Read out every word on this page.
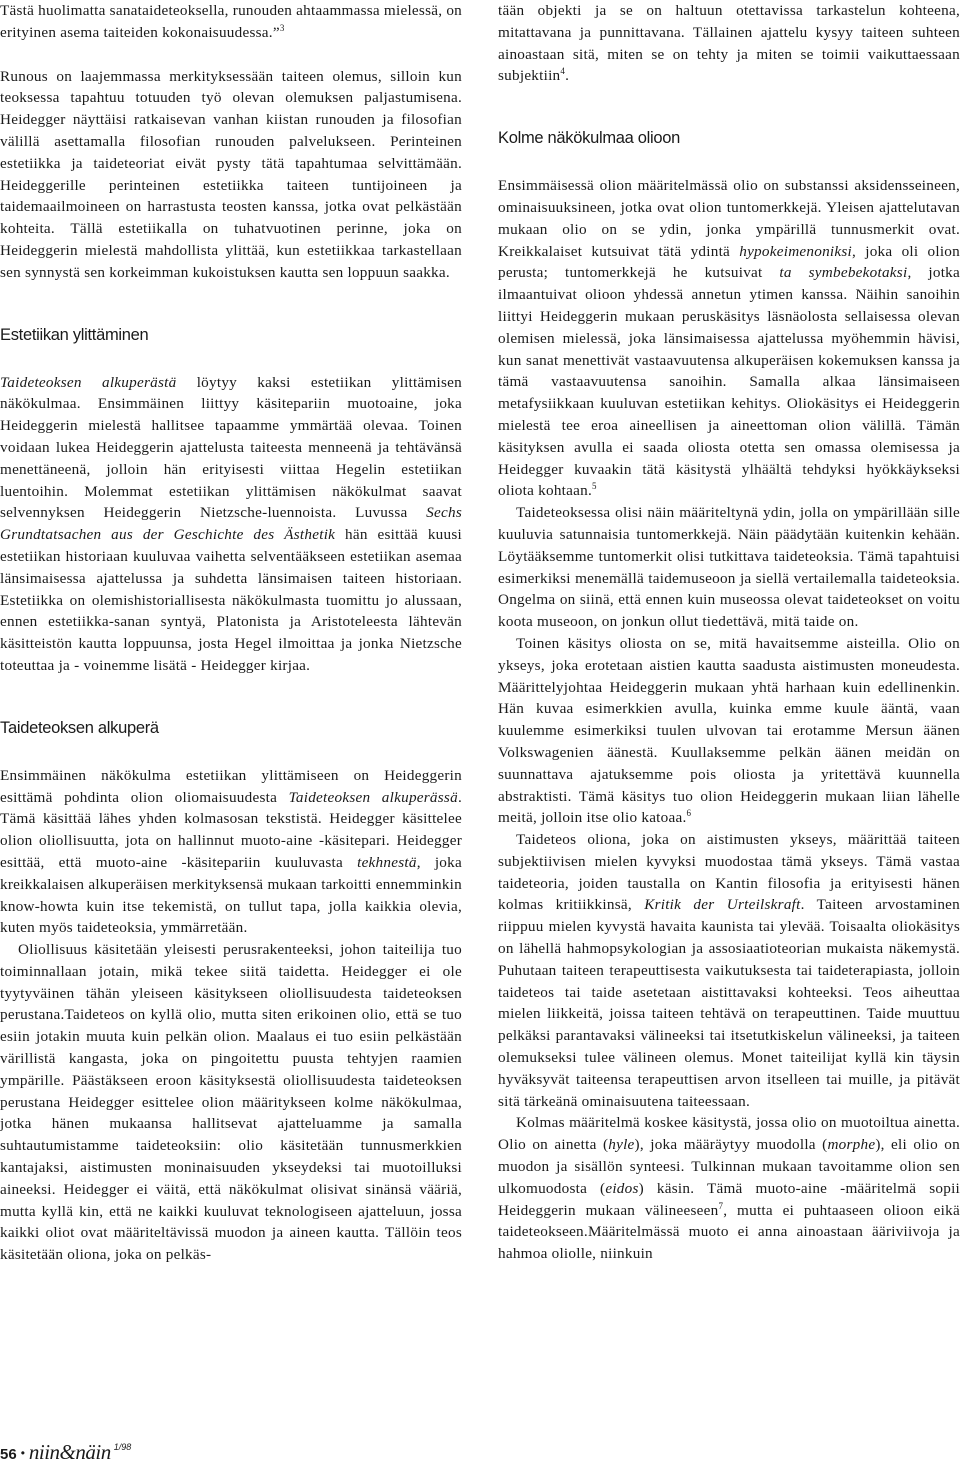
Tästä huolimatta sanataideteoksella, runouden ahtaammassa mielessä, on erityinen asema taiteiden kokonaisuudessa.”$^3$

Runous on laajemmassa merkityksessään taiteen olemus, silloin kun teoksessa tapahtuu totuuden työ olevan olemuksen paljastumisena. Heidegger näyttäisi ratkaisevan vanhan kiistan runouden ja filosofian välillä asettamalla filosofian runouden palvelukseen. Perinteinen estetiikka ja taideteoriat eivät pysty tätä tapahtumaa selvittämään. Heideggerille perinteinen estetiikka taiteen tuntijoineen ja taidemaailmoineen on harrastusta teosten kanssa, jotka ovat pelkästään kohteita. Tällä estetiikalla on tuhatvuotinen perinne, joka on Heideggerin mielestä mahdollista ylittää, kun estetiikkaa tarkastellaan sen synnystä sen korkeimman kukoistuksen kautta sen loppuun saakka.

Estetiikan ylittäminen

Taideteoksen alkuperästä löytyy kaksi estetiikan ylittämisen näkökulmaa. Ensimmäinen liittyy käsitepariin muotoaine, joka Heideggerin mielestä hallitsee tapaamme ymmärtää olevaa. Toinen voidaan lukea Heideggerin ajattelusta taiteesta menneenä ja tehtävänsä menettäneenä, jolloin hän erityisesti viittaa Hegelin estetiikan luentoihin. Molemmat estetiikan ylittämisen näkökulmat saavat selvennyksen Heideggerin Nietzsche-luennoista. Luvussa Sechs Grundtatsachen aus der Geschichte des Ästhetik hän esittää kuusi estetiikan historiaan kuuluvaa vaihetta selventääkseen estetiikan asemaa länsimaisessa ajattelussa ja suhdetta länsimaisen taiteen historiaan. Estetiikka on olemishistoriallisesta näkökulmasta tuomittu jo alussaan, ennen estetiikka-sanan syntyä, Platonista ja Aristoteleesta lähtevän käsitteistön kautta loppuunsa, josta Hegel ilmoittaa ja jonka Nietzsche toteuttaa ja - voinemme lisätä - Heidegger kirjaa.

Taideteoksen alkuperä

Ensimmäinen näkökulma estetiikan ylittämiseen on Heideggerin esittämä pohdinta olion oliomaisuudesta Taideteoksen alkuperässä. Tämä käsittää lähes yhden kolmasosan tekstistä. Heidegger käsittelee olion oliollisuutta, jota on hallinnut muoto-aine -käsitepari. Heidegger esittää, että muoto-aine -käsitepariin kuuluvasta tekhnestä, joka kreikkalaisen alkuperäisen merkityksensä mukaan tarkoitti ennemminkin know-howta kuin itse tekemistä, on tullut tapa, jolla kaikkia olevia, kuten myös taideteoksia, ymmärretään.

Oliollisuus käsitetään yleisesti perusrakenteeksi, johon taiteilija tuo toiminnallaan jotain, mikä tekee siitä taidetta. Heidegger ei ole tyytyväinen tähän yleiseen käsitykseen oliollisuudesta taideteoksen perustana.Taideteos on kyllä olio, mutta siten erikoinen olio, että se tuo esiin jotakin muuta kuin pelkän olion. Maalaus ei tuo esiin pelkästään värillistä kangasta, joka on pingoitettu puusta tehtyjen raamien ympärille. Päästäkseen eroon käsityksestä oliollisuudesta taideteoksen perustana Heidegger esittelee olion määritykseen kolme näkökulmaa, jotka hänen mukaansa hallitsevat ajatteluamme ja samalla suhtautumistamme taideteoksiin: olio käsitetään tunnusmerkkien kantajaksi, aistimusten moninaisuuden ykseydeksi tai muotoilluksi aineeksi. Heidegger ei väitä, että näkökulmat olisivat sinänsä vääriä, mutta kyllä kin, että ne kaikki kuuluvat teknologiseen ajatteluun, jossa kaikki oliot ovat määriteltävissä muodon ja aineen kautta. Tällöin teos käsitetään oliona, joka on pelkäs-

tään objekti ja se on haltuun otettavissa tarkastelun kohteena, mitattavana ja punnittavana. Tällainen ajattelu kysyy taiteen suhteen ainoastaan sitä, miten se on tehty ja miten se toimii vaikuttaessaan subjektiin$^4$.

Kolme näkökulmaa olioon

Ensimmäisessä olion määritelmässä olio on substanssi aksidensseineen, ominaisuuksineen, jotka ovat olion tuntomerkkejä. Yleisen ajattelutavan mukaan olio on se ydin, jonka ympärillä tunnusmerkit ovat. Kreikkalaiset kutsuivat tätä ydintä hypokeimenoniksi, joka oli olion perusta; tuntomerkkejä he kutsuivat ta symbebekotaksi, jotka ilmaantuivat olioon yhdessä annetun ytimen kanssa. Näihin sanoihin liittyi Heideggerin mukaan peruskäsitys läsnäolosta sellaisessa olevan olemisen mielessä, joka länsimaisessa ajattelussa myöhemmin hävisi, kun sanat menettivät vastaavuutensa alkuperäisen kokemuksen kanssa ja tämä vastaavuutensa sanoihin. Samalla alkaa länsimaiseen metafysiikkaan kuuluvan estetiikan kehitys. Oliokäsitys ei Heideggerin mielestä tee eroa aineellisen ja aineettoman olion välillä. Tämän käsityksen avulla ei saada oliosta otetta sen omassa olemisessa ja Heidegger kuvaakin tätä käsitystä ylhäältä tehdyksi hyökkäykseksi oliota kohtaan.$^5$

Taideteoksessa olisi näin määriteltynä ydin, jolla on ympärillään sille kuuluvia satunnaisia tuntomerkkejä. Näin päädytään kuitenkin kehään. Löytääksemme tuntomerkit olisi tutkittava taideteoksia. Tämä tapahtuisi esimerkiksi menemällä taidemuseoon ja siellä vertailemalla taideteoksia. Ongelma on siinä, että ennen kuin museossa olevat taideteokset on voitu koota museoon, on jonkun ollut tiedettävä, mitä taide on.

Toinen käsitys oliosta on se, mitä havaitsemme aisteilla. Olio on ykseys, joka erotetaan aistien kautta saadusta aistimusten moneudesta. Määrittelyjohtaa Heideggerin mukaan yhtä harhaan kuin edellinenkin. Hän kuvaa esimerkkien avulla, kuinka emme kuule ääntä, vaan kuulemme esimerkiksi tuulen ulvovan tai erotamme Mersun äänen Volkswagenien äänestä. Kuullaksemme pelkän äänen meidän on suunnattava ajatuksemme pois oliosta ja yritettävä kuunnella abstraktisti. Tämä käsitys tuo olion Heideggerin mukaan liian lähelle meitä, jolloin itse olio katoaa.$^6$

Taideteos oliona, joka on aistimusten ykseys, määrittää taiteen subjektiivisen mielen kyvyksi muodostaa tämä ykseys. Tämä vastaa taideteoria, joiden taustalla on Kantin filosofia ja erityisesti hänen kolmas kritiikkinsä, Kritik der Urteilskraft. Taiteen arvostaminen riippuu mielen kyvystä havaita kaunista tai ylevää. Toisaalta oliokäsitys on lähellä hahmopsykologian ja assosiaatioteorian mukaista näkemystä. Puhutaan taiteen terapeuttisesta vaikutuksesta tai taideterapiasta, jolloin taideteos tai taide asetetaan aistittavaksi kohteeksi. Teos aiheuttaa mielen liikkeitä, joissa taiteen tehtävä on terapeuttinen. Taide muuttuu pelkäksi parantavaksi välineeksi tai itsetutkiskelun välineeksi, ja taiteen olemukseksi tulee välineen olemus. Monet taiteilijat kyllä kin täysin hyväksyvät taiteensa terapeuttisen arvon itselleen tai muille, ja pitävät sitä tärkeänä ominaisuutena taiteessaan.

Kolmas määritelmä koskee käsitystä, jossa olio on muotoiltua ainetta. Olio on ainetta (hyle), joka määräytyy muodolla (morphe), eli olio on muodon ja sisällön synteesi. Tulkinnan mukaan tavoitamme olion sen ulkomuodosta (eidos) käsin. Tämä muoto-aine -määritelmä sopii Heideggerin mukaan välineeseen$^7$, mutta ei puhtaaseen olioon eikä taideteokseen.Määritelmässä muoto ei anna ainoastaan ääriviivoja ja hahmoa oliolle, niinkuin

56 • niin&näin $^{1/98}$
